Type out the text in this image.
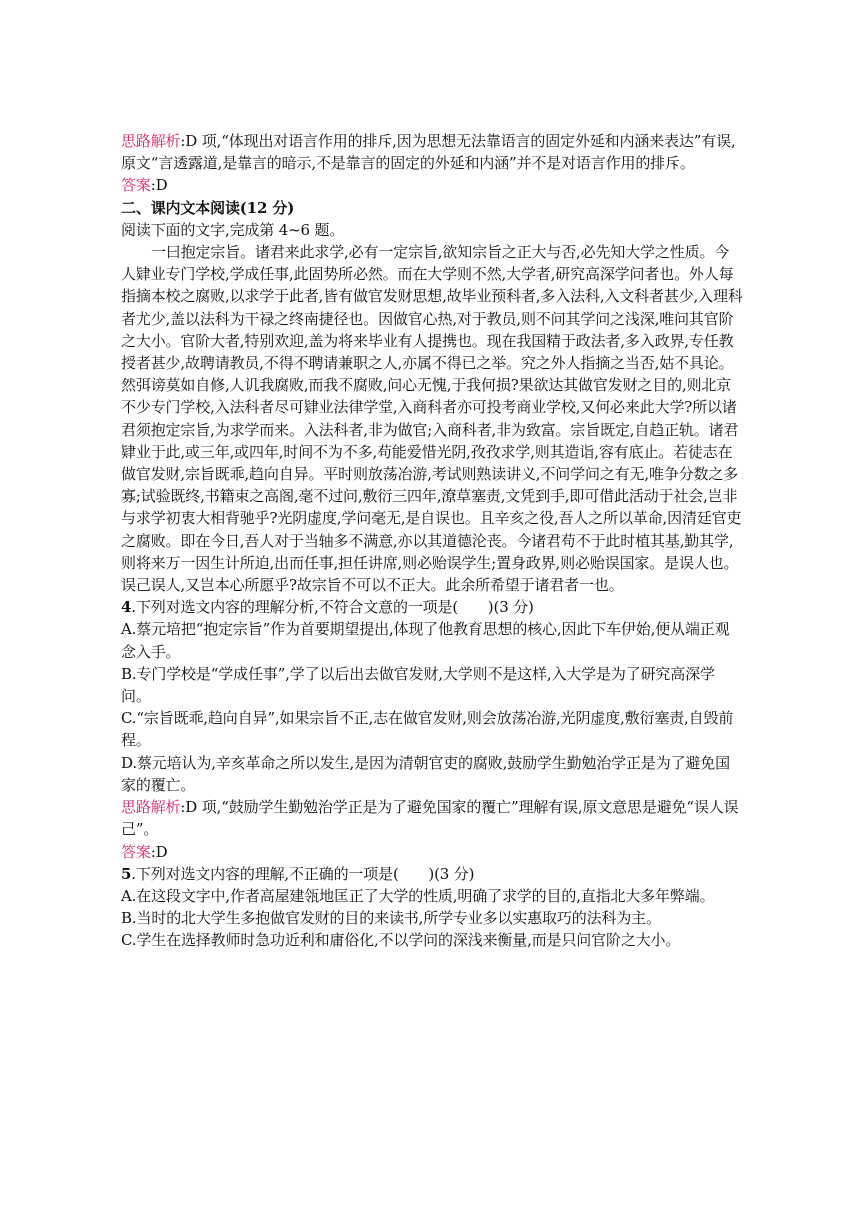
思路解析:D 项,“体现出对语言作用的排斥,因为思想无法靠语言的固定外延和内涵来表达”有误,原文“言透露道,是靠言的暗示,不是靠言的固定的外延和内涵”并不是对语言作用的排斥。

答案:D

二、课内文本阅读(12 分)

阅读下面的文字,完成第 4~6 题。

一曰抱定宗旨。诸君来此求学,必有一定宗旨,欲知宗旨之正大与否,必先知大学之性质。今人肄业专门学校,学成任事,此固势所必然。而在大学则不然,大学者,研究高深学问者也。外人每指摘本校之腐败,以求学于此者,皆有做官发财思想,故毕业预科者,多入法科,入文科者甚少,入理科者尤少,盖以法科为干禄之终南捷径也。因做官心热,对于教员,则不问其学问之浅深,唯问其官阶之大小。官阶大者,特别欢迎,盖为将来毕业有人提携也。现在我国精于政法者,多入政界,专任教授者甚少,故聘请教员,不得不聘请兼职之人,亦属不得已之举。究之外人指摘之当否,姑不具论。然弭谤莫如自修,人讥我腐败,而我不腐败,问心无愧,于我何损?果欲达其做官发财之目的,则北京不少专门学校,入法科者尽可肄业法律学堂,入商科者亦可投考商业学校,又何必来此大学?所以诸君须抱定宗旨,为求学而来。入法科者,非为做官;入商科者,非为致富。宗旨既定,自趋正轨。诸君肄业于此,或三年,或四年,时间不为不多,苟能爱惜光阴,孜孜求学,则其造诣,容有底止。若徒志在做官发财,宗旨既乖,趋向自异。平时则放荡冶游,考试则熟读讲义,不问学问之有无,唯争分数之多寡;试验既终,书籍束之高阁,毫不过问,敷衍三四年,潦草塞责,文凭到手,即可借此活动于社会,岂非与求学初衷大相背驰乎?光阴虚度,学问毫无,是自误也。且辛亥之役,吾人之所以革命,因清廷官吏之腐败。即在今日,吾人对于当轴多不满意,亦以其道德沦丧。今诸君苟不于此时植其基,勤其学,则将来万一因生计所迫,出而任事,担任讲席,则必贻误学生;置身政界,则必贻误国家。是误人也。误己误人,又岂本心所愿乎?故宗旨不可以不正大。此余所希望于诸君者一也。

4.下列对选文内容的理解分析,不符合文意的一项是(　　)(3 分)

A.蔡元培把“抱定宗旨”作为首要期望提出,体现了他教育思想的核心,因此下车伊始,便从端正观念入手。

B.专门学校是“学成任事”,学了以后出去做官发财,大学则不是这样,入大学是为了研究高深学问。

C.“宗旨既乖,趋向自异”,如果宗旨不正,志在做官发财,则会放荡冶游,光阴虚度,敷衍塞责,自毁前程。

D.蔡元培认为,辛亥革命之所以发生,是因为清朝官吏的腐败,鼓励学生勤勉治学正是为了避免国家的覆亡。

思路解析:D 项,“鼓励学生勤勉治学正是为了避免国家的覆亡”理解有误,原文意思是避免“误人误己”。

答案:D

5.下列对选文内容的理解,不正确的一项是(　　)(3 分)

A.在这段文字中,作者高屋建瓴地匡正了大学的性质,明确了求学的目的,直指北大多年弊端。

B.当时的北大学生多抱做官发财的目的来读书,所学专业多以实惠取巧的法科为主。

C.学生在选择教师时急功近利和庸俗化,不以学问的深浅来衡量,而是只问官阶之大小。
